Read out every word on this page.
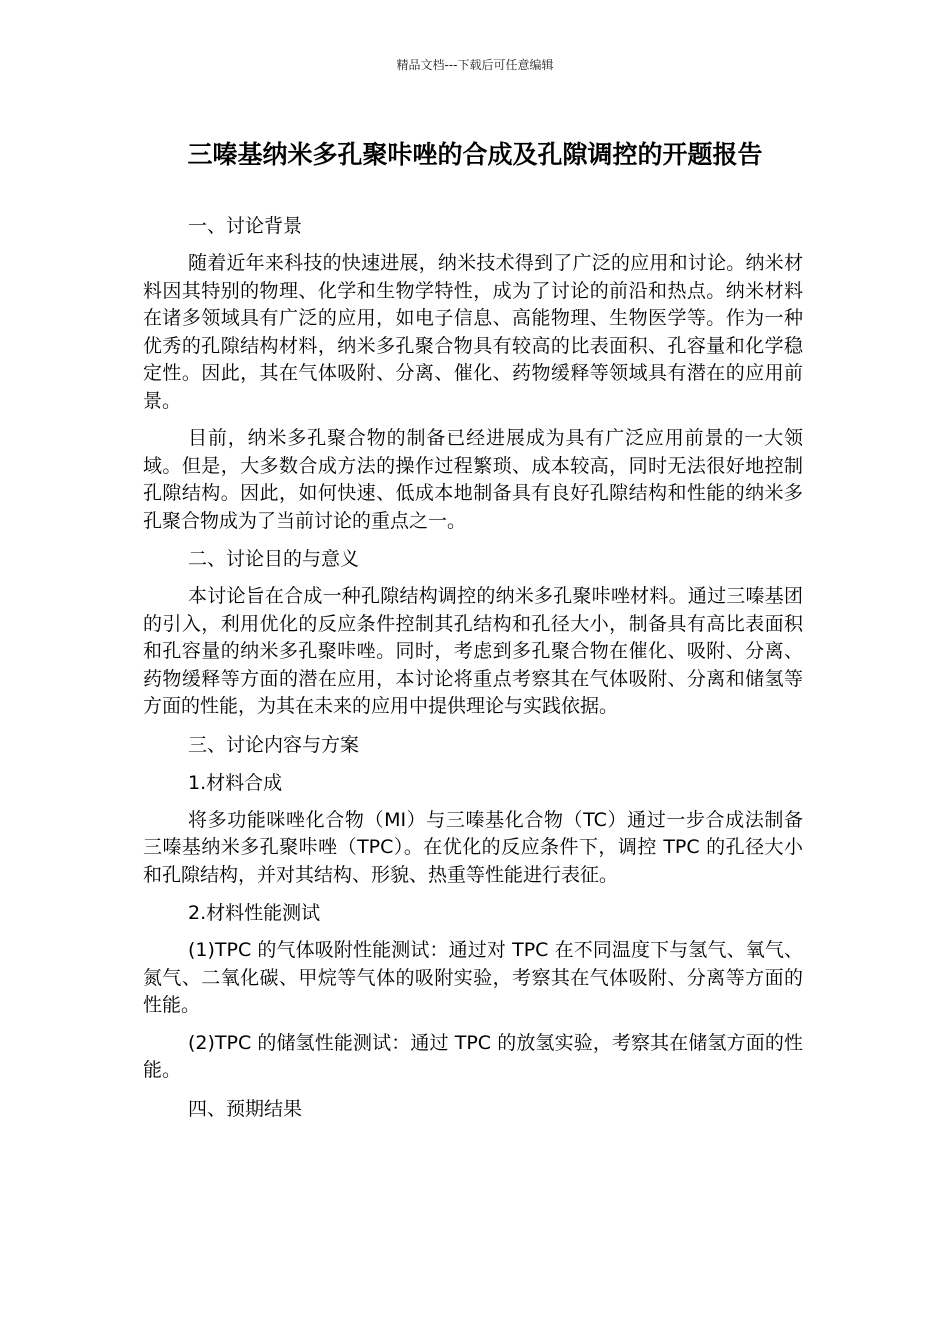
精品文档---下载后可任意编辑
三嗪基纳米多孔聚咔唑的合成及孔隙调控的开题报告

一、讨论背景

随着近年来科技的快速进展，纳米技术得到了广泛的应用和讨论。纳米材料因其特别的物理、化学和生物学特性，成为了讨论的前沿和热点。纳米材料在诸多领域具有广泛的应用，如电子信息、高能物理、生物医学等。作为一种优秀的孔隙结构材料，纳米多孔聚合物具有较高的比表面积、孔容量和化学稳定性。因此，其在气体吸附、分离、催化、药物缓释等领域具有潜在的应用前景。

目前，纳米多孔聚合物的制备已经进展成为具有广泛应用前景的一大领域。但是，大多数合成方法的操作过程繁琐、成本较高，同时无法很好地控制孔隙结构。因此，如何快速、低成本地制备具有良好孔隙结构和性能的纳米多孔聚合物成为了当前讨论的重点之一。

二、讨论目的与意义

本讨论旨在合成一种孔隙结构调控的纳米多孔聚咔唑材料。通过三嗪基团的引入，利用优化的反应条件控制其孔结构和孔径大小，制备具有高比表面积和孔容量的纳米多孔聚咔唑。同时，考虑到多孔聚合物在催化、吸附、分离、药物缓释等方面的潜在应用，本讨论将重点考察其在气体吸附、分离和储氢等方面的性能，为其在未来的应用中提供理论与实践依据。

三、讨论内容与方案

1.材料合成

将多功能咪唑化合物（MI）与三嗪基化合物（TC）通过一步合成法制备三嗪基纳米多孔聚咔唑（TPC）。在优化的反应条件下，调控 TPC 的孔径大小和孔隙结构，并对其结构、形貌、热重等性能进行表征。

2.材料性能测试

(1)TPC 的气体吸附性能测试：通过对 TPC 在不同温度下与氢气、氧气、氮气、二氧化碳、甲烷等气体的吸附实验，考察其在气体吸附、分离等方面的性能。

(2)TPC 的储氢性能测试：通过 TPC 的放氢实验，考察其在储氢方面的性能。

四、预期结果
